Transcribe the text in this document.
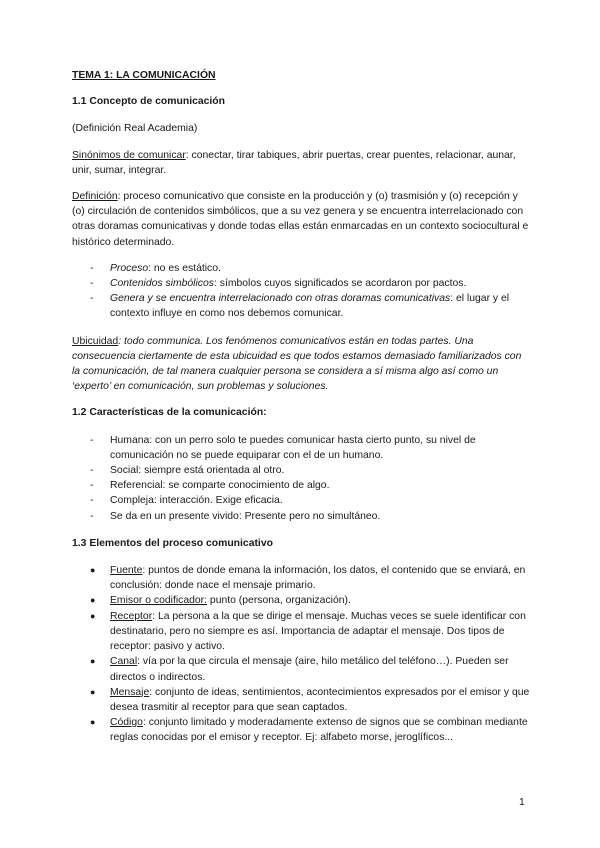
TEMA 1: LA COMUNICACIÓN
1.1 Concepto de comunicación

(Definición Real Academia)

Sinónimos de comunicar: conectar, tirar tabiques, abrir puertas, crear puentes, relacionar, aunar, unir, sumar, integrar.

Definición: proceso comunicativo que consiste en la producción y (o) trasmisión y (o) recepción y (o) circulación de contenidos simbólicos, que a su vez genera y se encuentra interrelacionado con otras doramas comunicativas y donde todas ellas están enmarcadas en un contexto sociocultural e histórico determinado.

- Proceso: no es estático.
- Contenidos simbólicos: símbolos cuyos significados se acordaron por pactos.
- Genera y se encuentra interrelacionado con otras doramas comunicativas: el lugar y el contexto influye en como nos debemos comunicar.

Ubicuidad: todo communica. Los fenómenos comunicativos están en todas partes. Una consecuencia ciertamente de esta ubicuidad es que todos estamos demasiado familiarizados con la comunicación, de tal manera cualquier persona se considera a sí misma algo así como un ‘experto’ en comunicación, sun problemas y soluciones.

1.2 Características de la comunicación:
- Humana: con un perro solo te puedes comunicar hasta cierto punto, su nivel de comunicación no se puede equiparar con el de un humano.
- Social: siempre está orientada al otro.
- Referencial: se comparte conocimiento de algo.
- Compleja: interacción. Exige eficacia.
- Se da en un presente vivido: Presente pero no simultáneo.
1.3 Elementos del proceso comunicativo
● Fuente: puntos de donde emana la información, los datos, el contenido que se enviará, en conclusión: donde nace el mensaje primario.
● Emisor o codificador: punto (persona, organización).
● Receptor: La persona a la que se dirige el mensaje. Muchas veces se suele identificar con destinatario, pero no siempre es así. Importancia de adaptar el mensaje. Dos tipos de receptor: pasivo y activo.
● Canal: vía por la que circula el mensaje (aire, hilo metálico del teléfono…). Pueden ser directos o indirectos.
● Mensaje: conjunto de ideas, sentimientos, acontecimientos expresados por el emisor y que desea trasmitir al receptor para que sean captados.
● Código: conjunto limitado y moderadamente extenso de signos que se combinan mediante reglas conocidas por el emisor y receptor. Ej: alfabeto morse, jeroglíficos...
1
